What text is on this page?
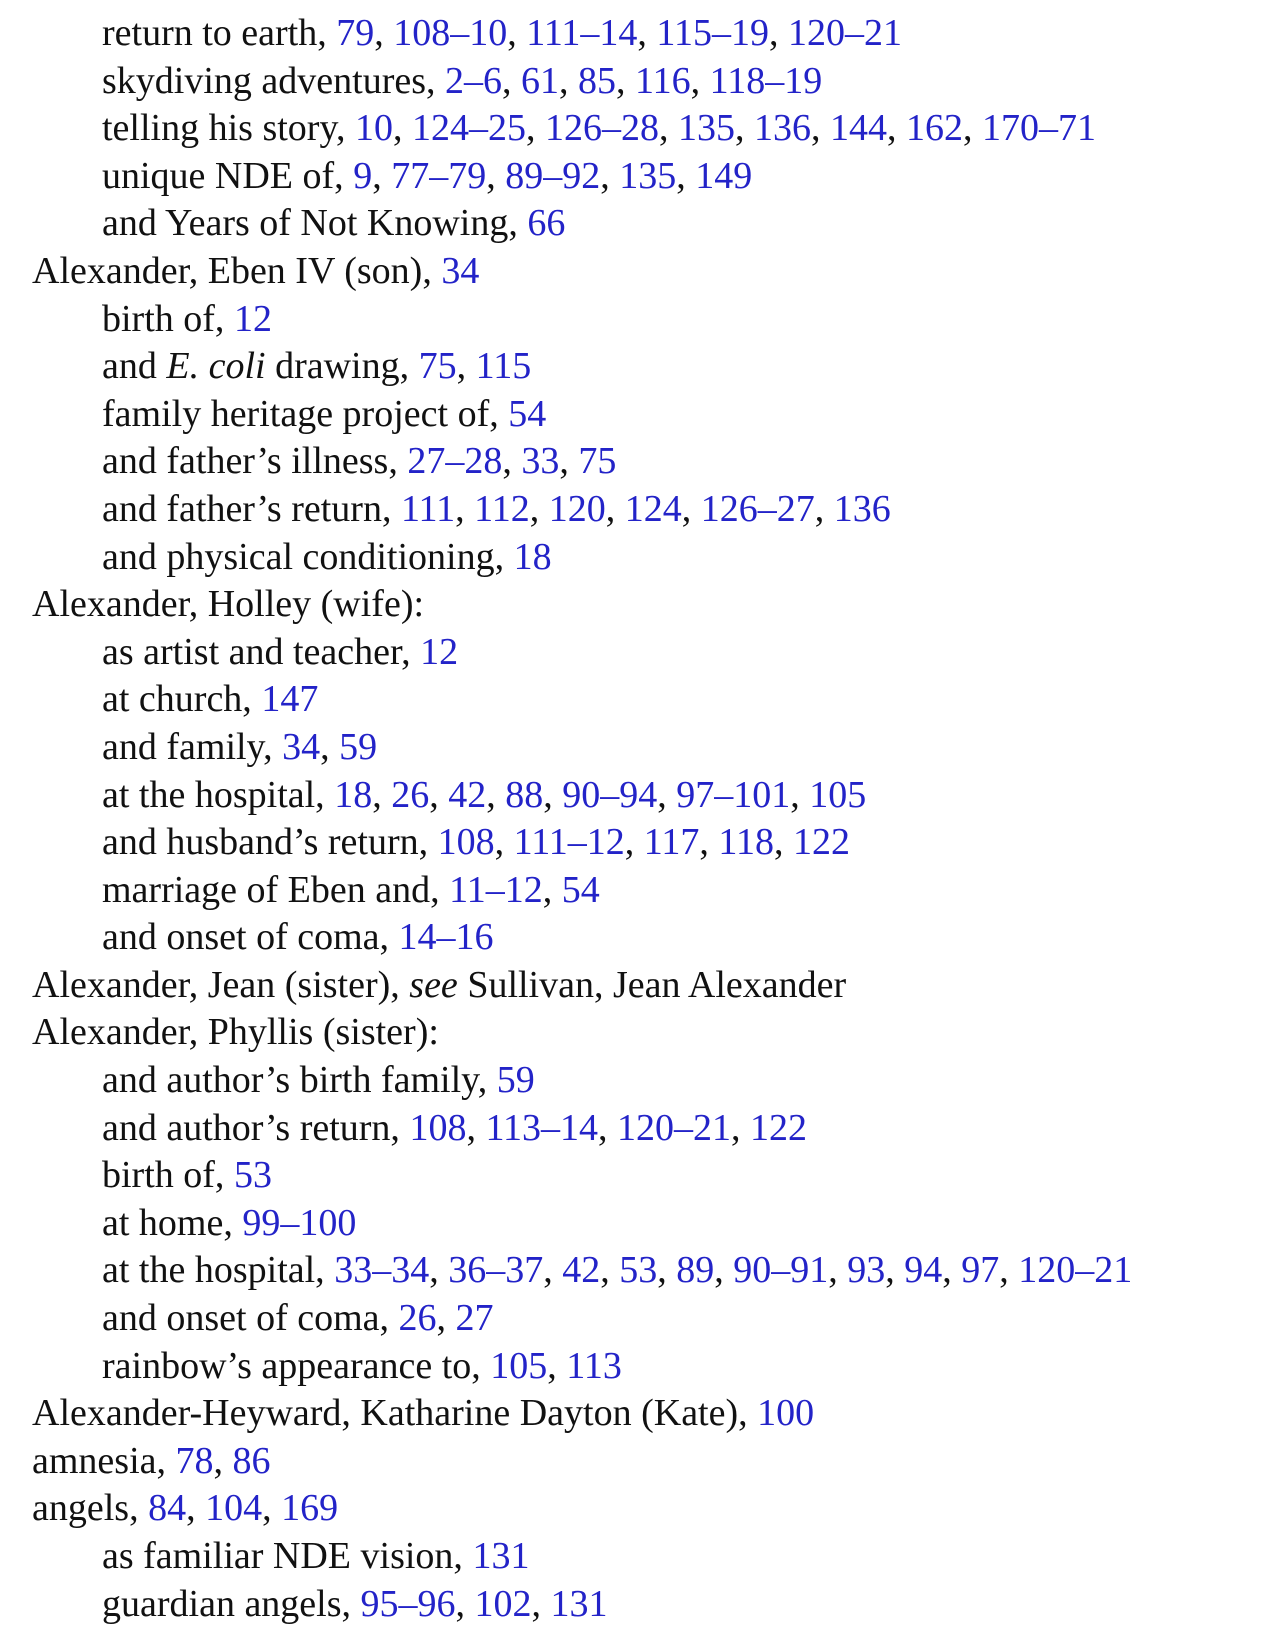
return to earth, 79, 108–10, 111–14, 115–19, 120–21
skydiving adventures, 2–6, 61, 85, 116, 118–19
telling his story, 10, 124–25, 126–28, 135, 136, 144, 162, 170–71
unique NDE of, 9, 77–79, 89–92, 135, 149
and Years of Not Knowing, 66
Alexander, Eben IV (son), 34
birth of, 12
and E. coli drawing, 75, 115
family heritage project of, 54
and father’s illness, 27–28, 33, 75
and father’s return, 111, 112, 120, 124, 126–27, 136
and physical conditioning, 18
Alexander, Holley (wife):
as artist and teacher, 12
at church, 147
and family, 34, 59
at the hospital, 18, 26, 42, 88, 90–94, 97–101, 105
and husband’s return, 108, 111–12, 117, 118, 122
marriage of Eben and, 11–12, 54
and onset of coma, 14–16
Alexander, Jean (sister), see Sullivan, Jean Alexander
Alexander, Phyllis (sister):
and author’s birth family, 59
and author’s return, 108, 113–14, 120–21, 122
birth of, 53
at home, 99–100
at the hospital, 33–34, 36–37, 42, 53, 89, 90–91, 93, 94, 97, 120–21
and onset of coma, 26, 27
rainbow’s appearance to, 105, 113
Alexander-Heyward, Katharine Dayton (Kate), 100
amnesia, 78, 86
angels, 84, 104, 169
as familiar NDE vision, 131
guardian angels, 95–96, 102, 131
